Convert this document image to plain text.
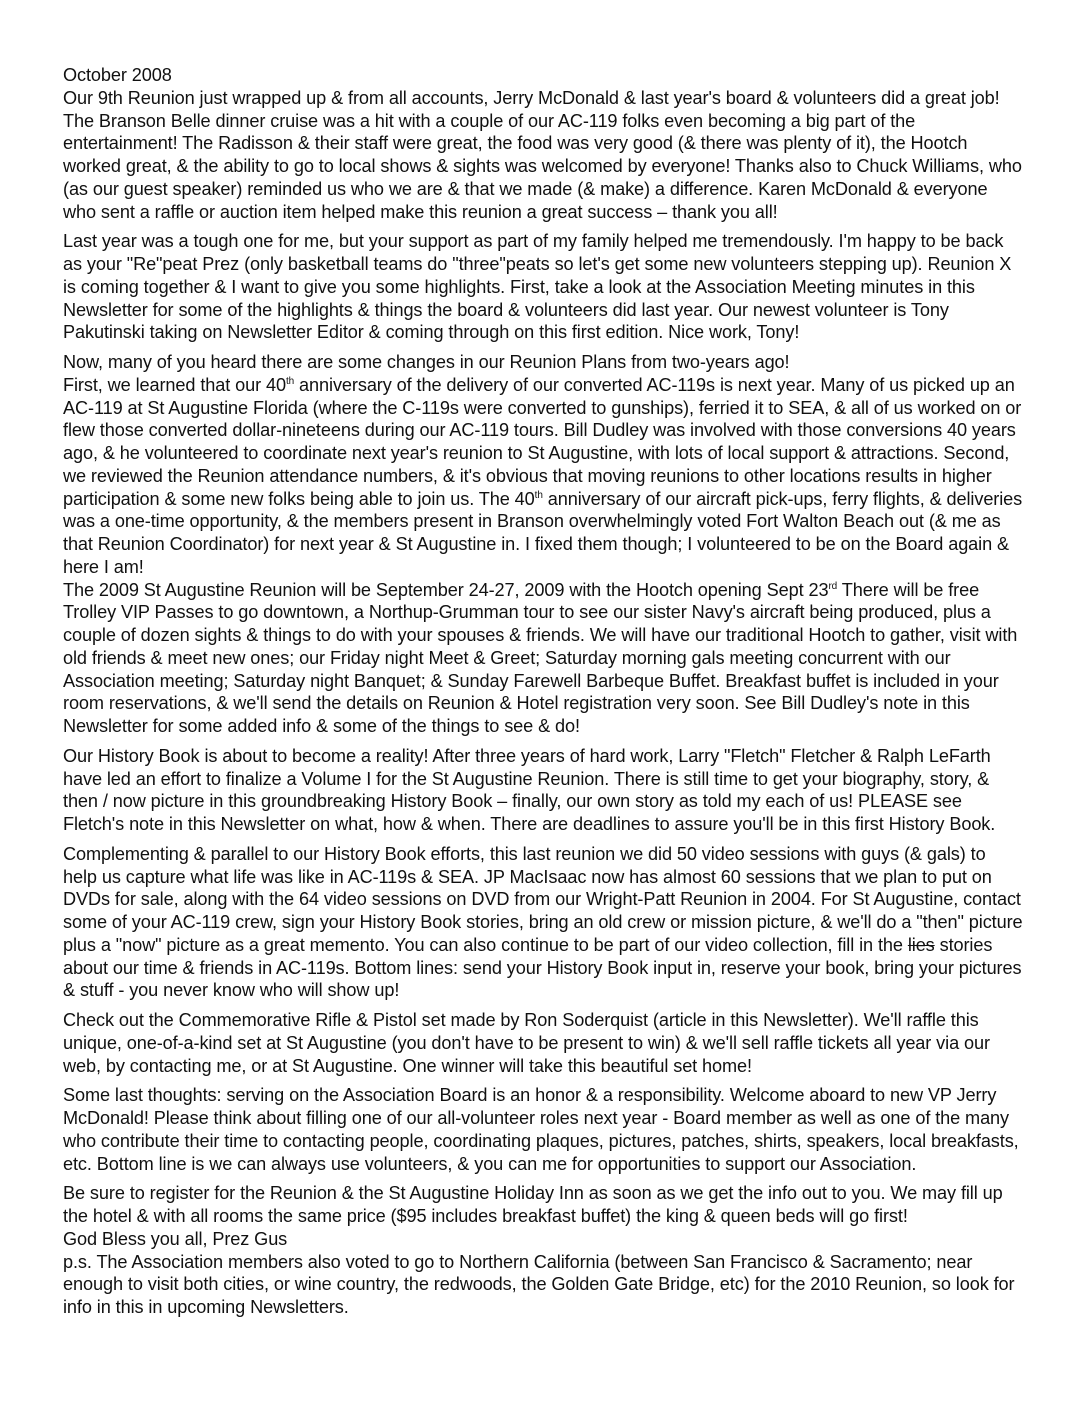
October 2008

Our 9th Reunion just wrapped up & from all accounts, Jerry McDonald & last year's board & volunteers did a great job! The Branson Belle dinner cruise was a hit with a couple of our AC-119 folks even becoming a big part of the entertainment! The Radisson & their staff were great, the food was very good (& there was plenty of it), the Hootch worked great, & the ability to go to local shows & sights was welcomed by everyone! Thanks also to Chuck Williams, who (as our guest speaker) reminded us who we are & that we made (& make) a difference. Karen McDonald & everyone who sent a raffle or auction item helped make this reunion a great success – thank you all!

Last year was a tough one for me, but your support as part of my family helped me tremendously. I'm happy to be back as your "Re"peat Prez (only basketball teams do "three"peats so let's get some new volunteers stepping up). Reunion X is coming together & I want to give you some highlights. First, take a look at the Association Meeting minutes in this Newsletter for some of the highlights & things the board & volunteers did last year. Our newest volunteer is Tony Pakutinski taking on Newsletter Editor & coming through on this first edition. Nice work, Tony!

Now, many of you heard there are some changes in our Reunion Plans from two-years ago!
First, we learned that our 40th anniversary of the delivery of our converted AC-119s is next year. Many of us picked up an AC-119 at St Augustine Florida (where the C-119s were converted to gunships), ferried it to SEA, & all of us worked on or flew those converted dollar-nineteens during our AC-119 tours. Bill Dudley was involved with those conversions 40 years ago, & he volunteered to coordinate next year's reunion to St Augustine, with lots of local support & attractions. Second, we reviewed the Reunion attendance numbers, & it's obvious that moving reunions to other locations results in higher participation & some new folks being able to join us. The 40th anniversary of our aircraft pick-ups, ferry flights, & deliveries was a one-time opportunity, & the members present in Branson overwhelmingly voted Fort Walton Beach out (& me as that Reunion Coordinator) for next year & St Augustine in. I fixed them though; I volunteered to be on the Board again & here I am!
The 2009 St Augustine Reunion will be September 24-27, 2009 with the Hootch opening Sept 23rd There will be free Trolley VIP Passes to go downtown, a Northup-Grumman tour to see our sister Navy's aircraft being produced, plus a couple of dozen sights & things to do with your spouses & friends. We will have our traditional Hootch to gather, visit with old friends & meet new ones; our Friday night Meet & Greet; Saturday morning gals meeting concurrent with our Association meeting; Saturday night Banquet; & Sunday Farewell Barbeque Buffet. Breakfast buffet is included in your room reservations, & we'll send the details on Reunion & Hotel registration very soon. See Bill Dudley's note in this Newsletter for some added info & some of the things to see & do!

Our History Book is about to become a reality! After three years of hard work, Larry "Fletch" Fletcher & Ralph LeFarth have led an effort to finalize a Volume I for the St Augustine Reunion. There is still time to get your biography, story, & then / now picture in this groundbreaking History Book – finally, our own story as told my each of us! PLEASE see Fletch's note in this Newsletter on what, how & when. There are deadlines to assure you'll be in this first History Book.

Complementing & parallel to our History Book efforts, this last reunion we did 50 video sessions with guys (& gals) to help us capture what life was like in AC-119s & SEA. JP MacIsaac now has almost 60 sessions that we plan to put on DVDs for sale, along with the 64 video sessions on DVD from our Wright-Patt Reunion in 2004. For St Augustine, contact some of your AC-119 crew, sign your History Book stories, bring an old crew or mission picture, & we'll do a "then" picture plus a "now" picture as a great memento. You can also continue to be part of our video collection, fill in the lies stories about our time & friends in AC-119s. Bottom lines: send your History Book input in, reserve your book, bring your pictures & stuff - you never know who will show up!

Check out the Commemorative Rifle & Pistol set made by Ron Soderquist (article in this Newsletter). We'll raffle this unique, one-of-a-kind set at St Augustine (you don't have to be present to win) & we'll sell raffle tickets all year via our web, by contacting me, or at St Augustine. One winner will take this beautiful set home!

Some last thoughts: serving on the Association Board is an honor & a responsibility. Welcome aboard to new VP Jerry McDonald! Please think about filling one of our all-volunteer roles next year - Board member as well as one of the many who contribute their time to contacting people, coordinating plaques, pictures, patches, shirts, speakers, local breakfasts, etc. Bottom line is we can always use volunteers, & you can me for opportunities to support our Association.

Be sure to register for the Reunion & the St Augustine Holiday Inn as soon as we get the info out to you. We may fill up the hotel & with all rooms the same price ($95 includes breakfast buffet) the king & queen beds will go first!

God Bless you all, Prez Gus

p.s. The Association members also voted to go to Northern California (between San Francisco & Sacramento; near enough to visit both cities, or wine country, the redwoods, the Golden Gate Bridge, etc) for the 2010 Reunion, so look for info in this in upcoming Newsletters.
